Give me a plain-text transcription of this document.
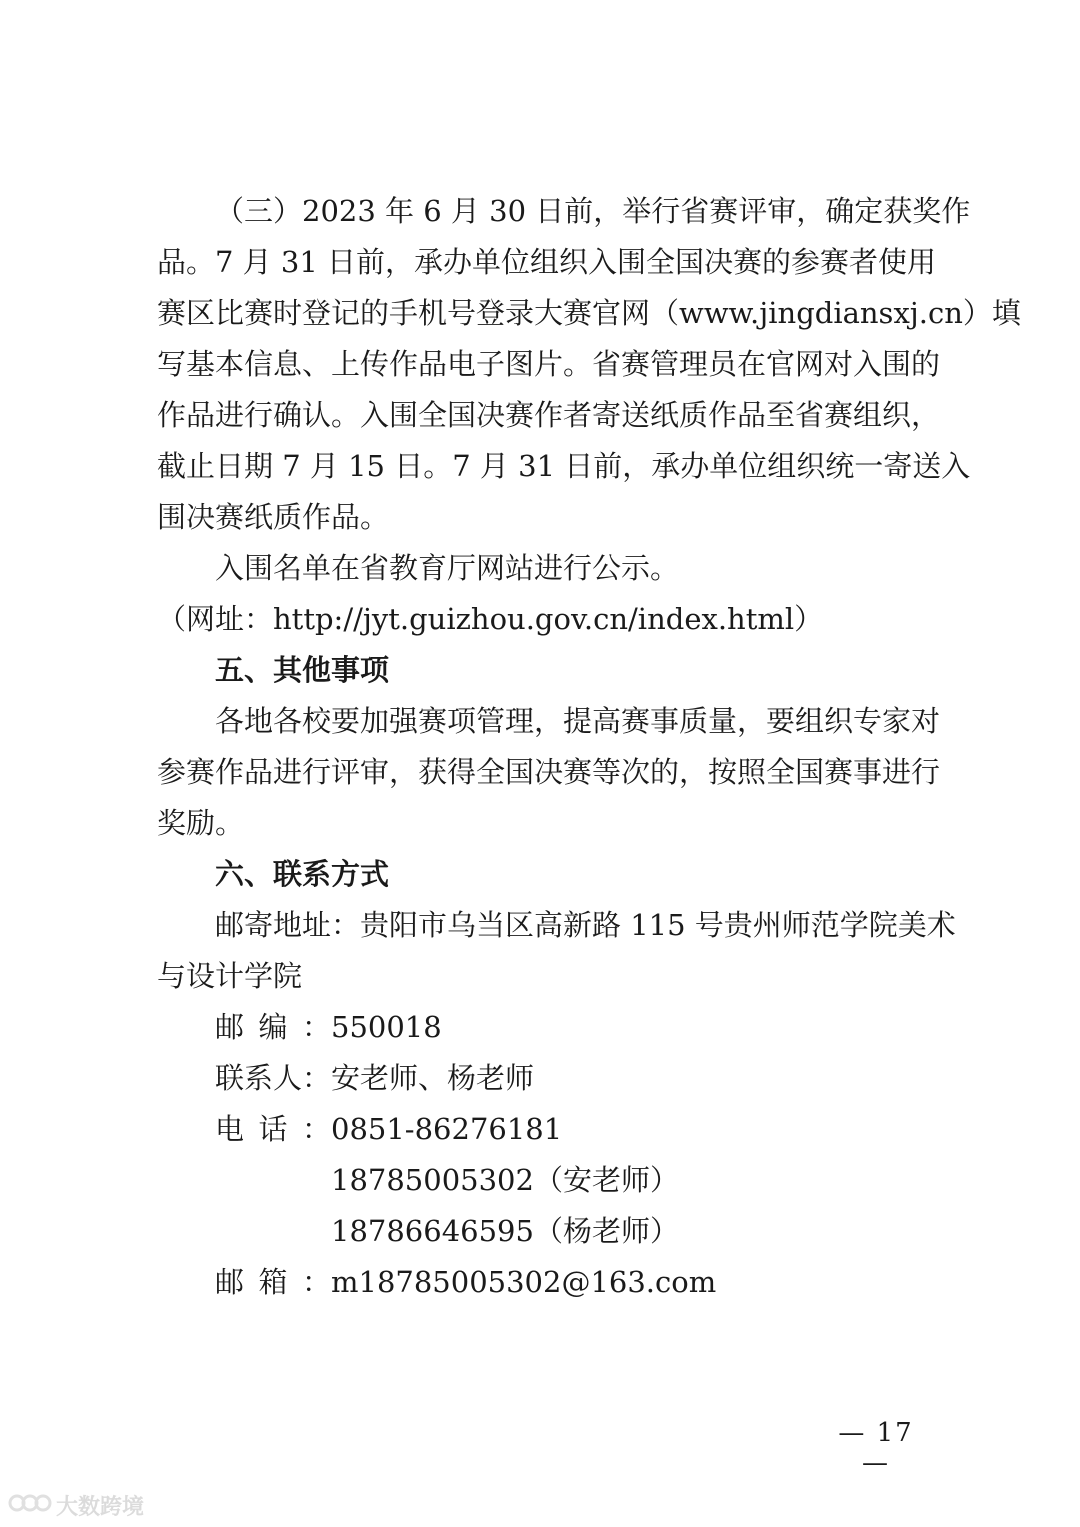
（三）2023 年 6 月 30 日前，举行省赛评审，确定获奖作
品。7 月 31 日前，承办单位组织入围全国决赛的参赛者使用
赛区比赛时登记的手机号登录大赛官网（www.jingdiansxj.cn）填
写基本信息、上传作品电子图片。省赛管理员在官网对入围的
作品进行确认。入围全国决赛作者寄送纸质作品至省赛组织，
截止日期 7 月 15 日。7 月 31 日前，承办单位组织统一寄送入
围决赛纸质作品。
入围名单在省教育厅网站进行公示。
（网址：http://jyt.guizhou.gov.cn/index.html）
五、其他事项
各地各校要加强赛项管理，提高赛事质量，要组织专家对
参赛作品进行评审，获得全国决赛等次的，按照全国赛事进行
奖励。
六、联系方式
邮寄地址：贵阳市乌当区高新路 115 号贵州师范学院美术
与设计学院
邮编：550018
联系人：安老师、杨老师
电话：0851-86276181
18785005302（安老师）
18786646595（杨老师）
邮箱：m18785005302@163.com
— 17 —
大数跨境
